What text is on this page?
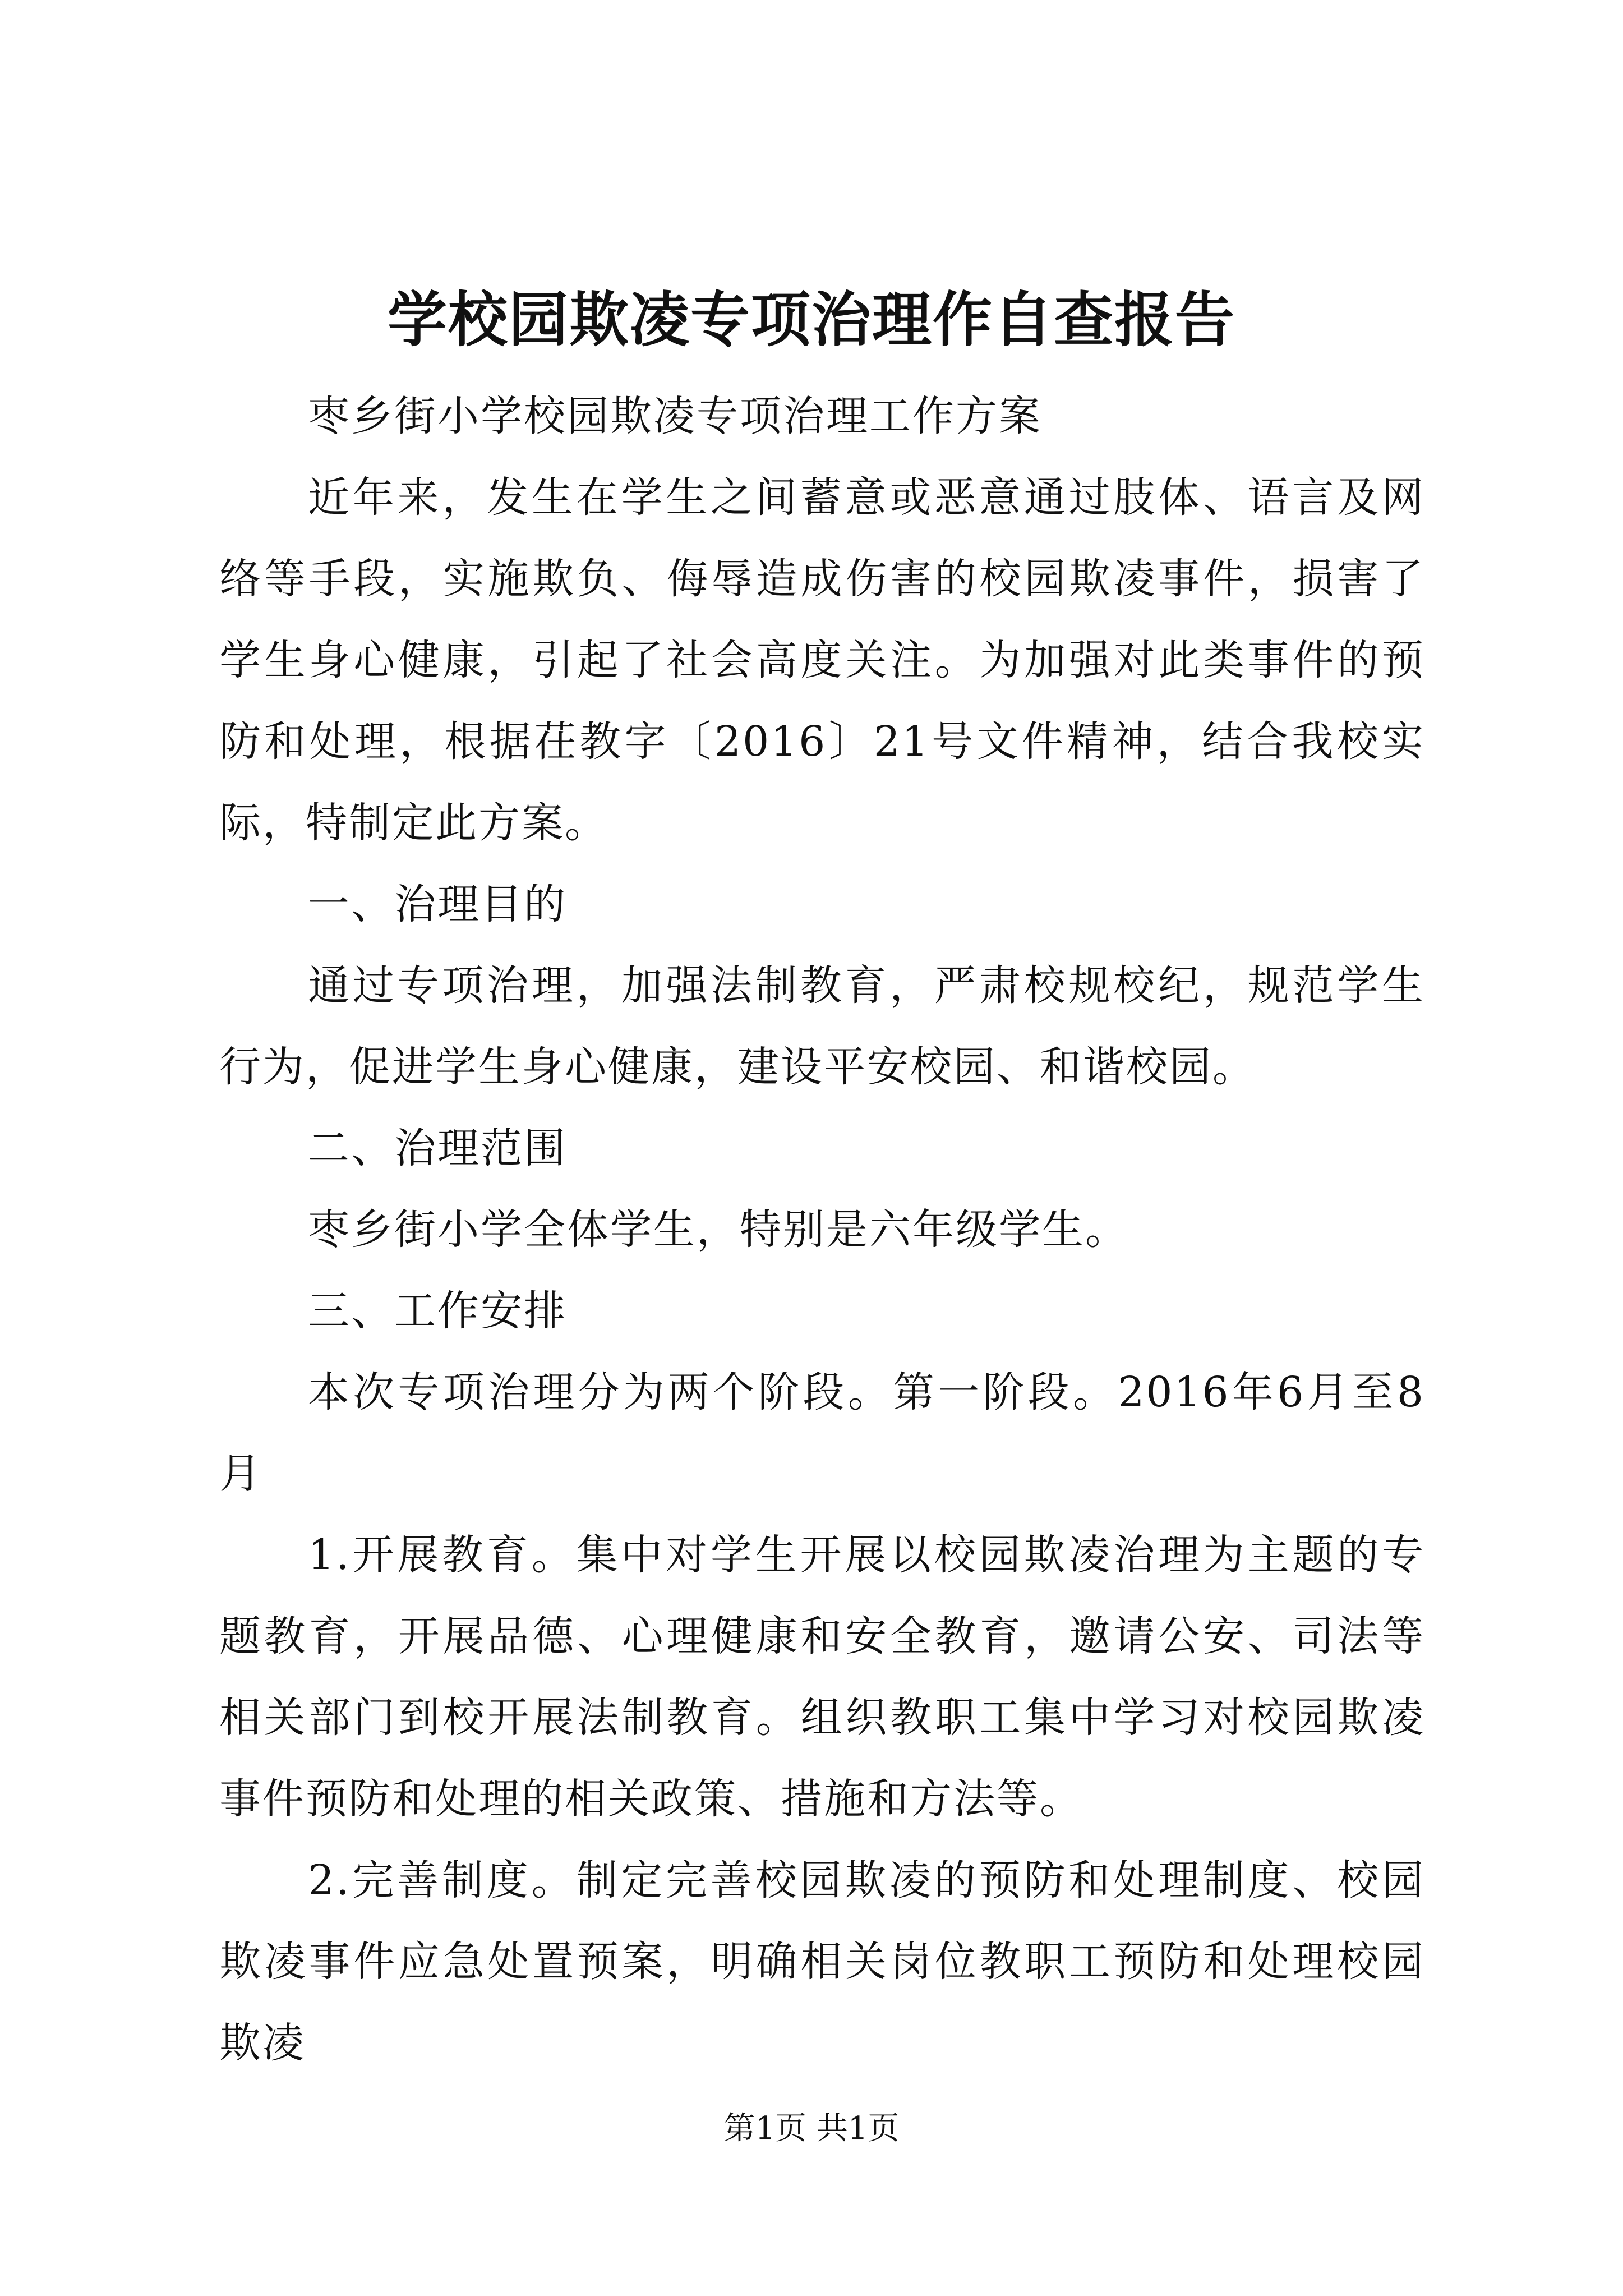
学校园欺凌专项治理作自查报告

枣乡街小学校园欺凌专项治理工作方案

近年来，发生在学生之间蓄意或恶意通过肢体、语言及网络等手段，实施欺负、侮辱造成伤害的校园欺凌事件，损害了学生身心健康，引起了社会高度关注。为加强对此类事件的预防和处理，根据茌教字〔2016〕21号文件精神，结合我校实际，特制定此方案。

一、治理目的

通过专项治理，加强法制教育，严肃校规校纪，规范学生行为，促进学生身心健康，建设平安校园、和谐校园。

二、治理范围

枣乡街小学全体学生，特别是六年级学生。

三、工作安排

本次专项治理分为两个阶段。第一阶段。2016年6月至8月

1.开展教育。集中对学生开展以校园欺凌治理为主题的专题教育，开展品德、心理健康和安全教育，邀请公安、司法等相关部门到校开展法制教育。组织教职工集中学习对校园欺凌事件预防和处理的相关政策、措施和方法等。

2.完善制度。制定完善校园欺凌的预防和处理制度、校园欺凌事件应急处置预案，明确相关岗位教职工预防和处理校园欺凌

第1页 共1页
